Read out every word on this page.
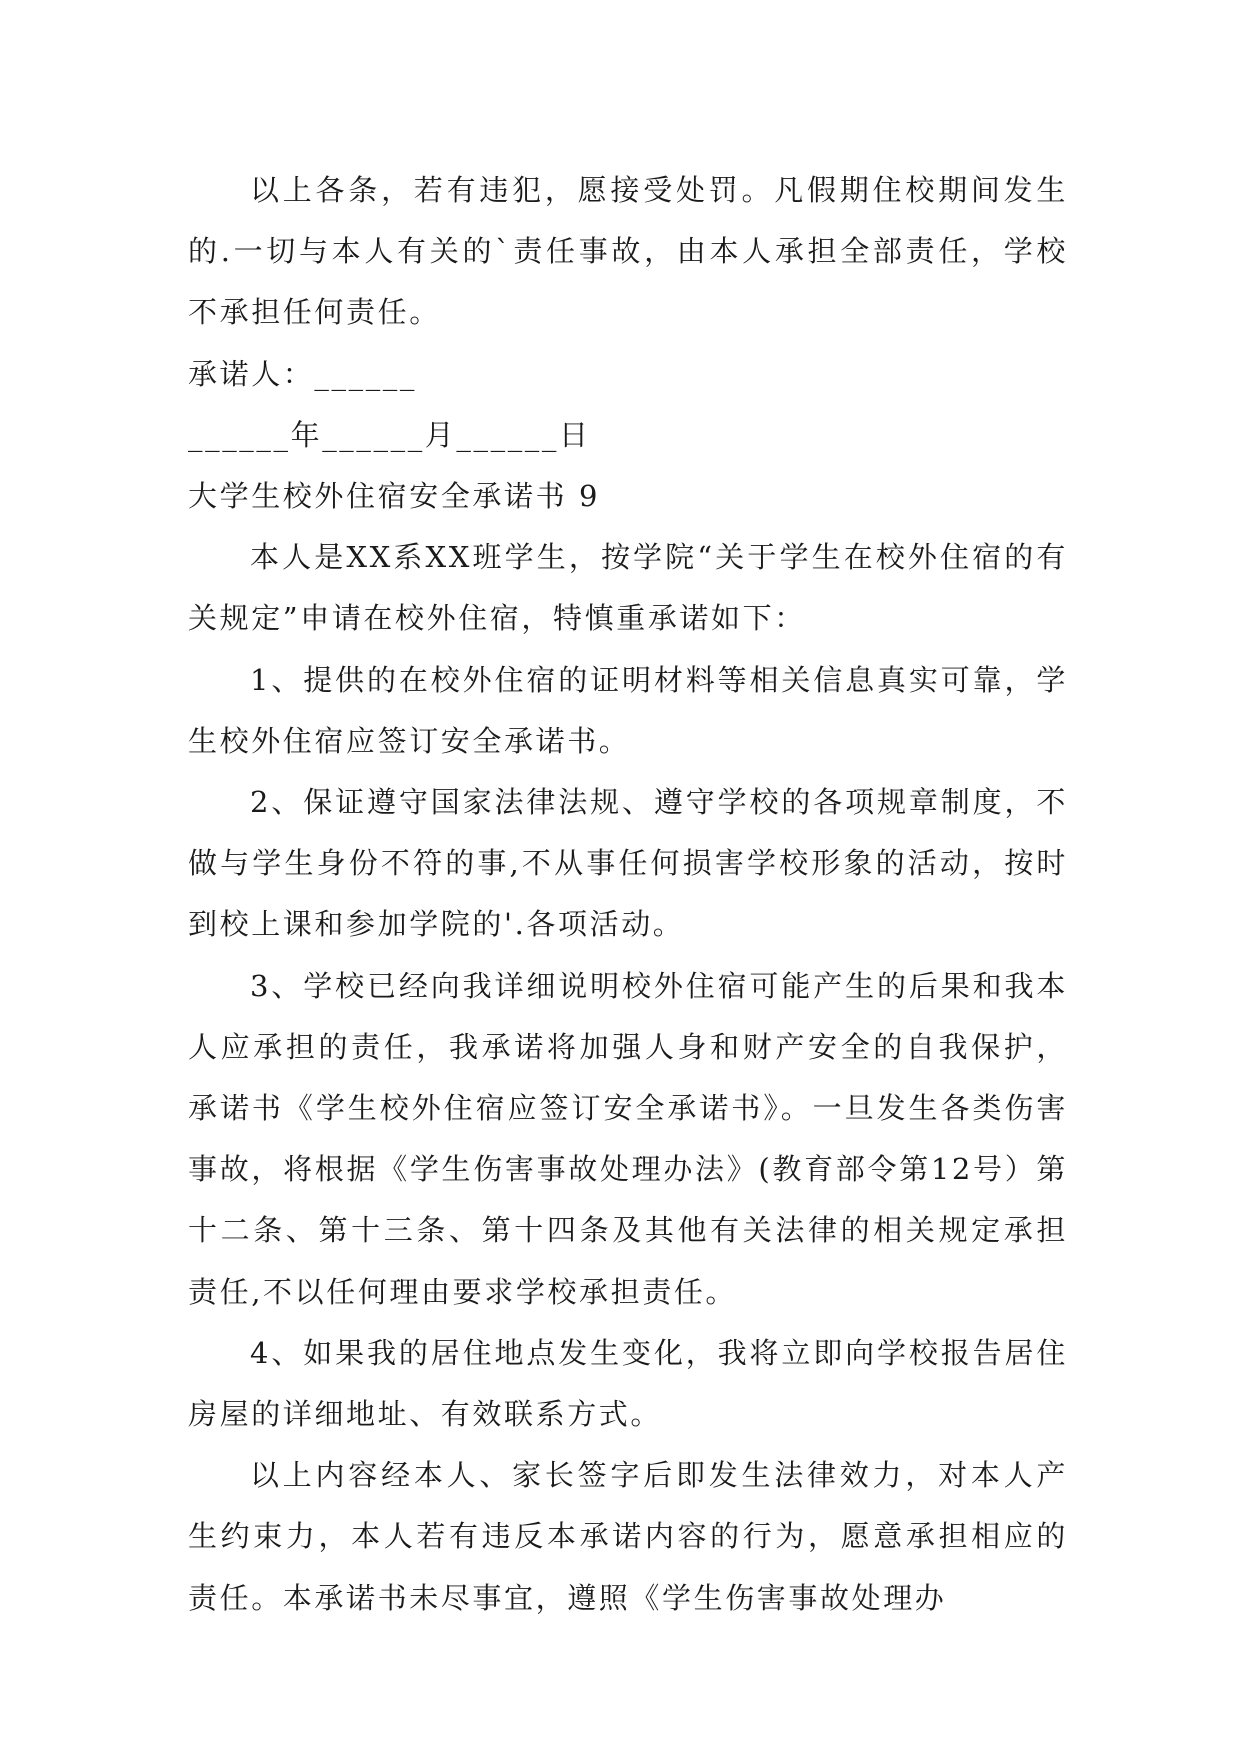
以上各条，若有违犯，愿接受处罚。凡假期住校期间发生的.一切与本人有关的`责任事故，由本人承担全部责任，学校不承担任何责任。

承诺人：______

______年______月______日

大学生校外住宿安全承诺书 9

本人是XX系XX班学生，按学院“关于学生在校外住宿的有关规定”申请在校外住宿，特慎重承诺如下：

1、提供的在校外住宿的证明材料等相关信息真实可靠，学生校外住宿应签订安全承诺书。

2、保证遵守国家法律法规、遵守学校的各项规章制度，不做与学生身份不符的事,不从事任何损害学校形象的活动，按时到校上课和参加学院的'.各项活动。

3、学校已经向我详细说明校外住宿可能产生的后果和我本人应承担的责任，我承诺将加强人身和财产安全的自我保护，承诺书《学生校外住宿应签订安全承诺书》。一旦发生各类伤害事故，将根据《学生伤害事故处理办法》(教育部令第12号）第十二条、第十三条、第十四条及其他有关法律的相关规定承担责任,不以任何理由要求学校承担责任。

4、如果我的居住地点发生变化，我将立即向学校报告居住房屋的详细地址、有效联系方式。

以上内容经本人、家长签字后即发生法律效力，对本人产生约束力，本人若有违反本承诺内容的行为，愿意承担相应的责任。本承诺书未尽事宜，遵照《学生伤害事故处理办
